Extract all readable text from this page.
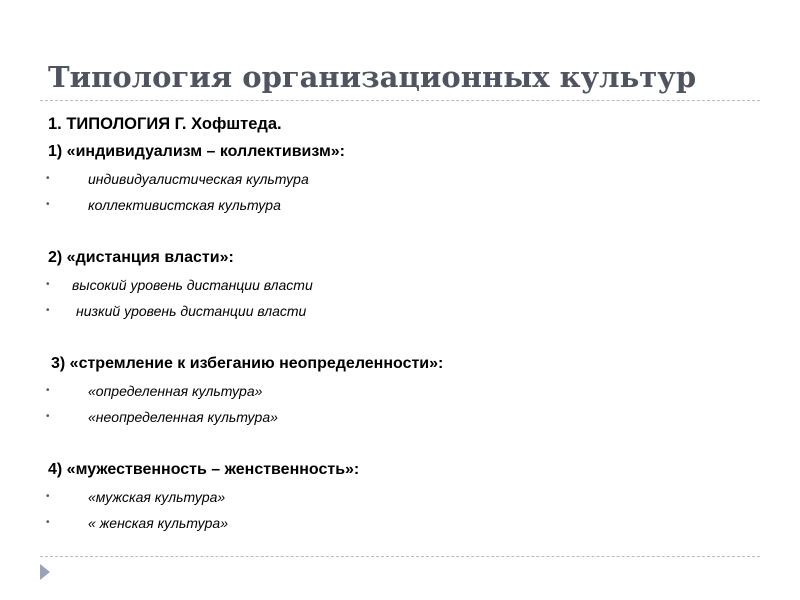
Типология организационных культур
1. ТИПОЛОГИЯ Г. Хофштеда.
1) «индивидуализм – коллективизм»:
•	индивидуалистическая культура
•	коллективистская культура
2) «дистанция власти»:
• высокий уровень дистанции власти
• низкий уровень дистанции власти
3) «стремление к избеганию неопределенности»:
•	«определенная культура»
•	«неопределенная культура»
4) «мужественность – женственность»:
•	«мужская культура»
•	« женская культура»
